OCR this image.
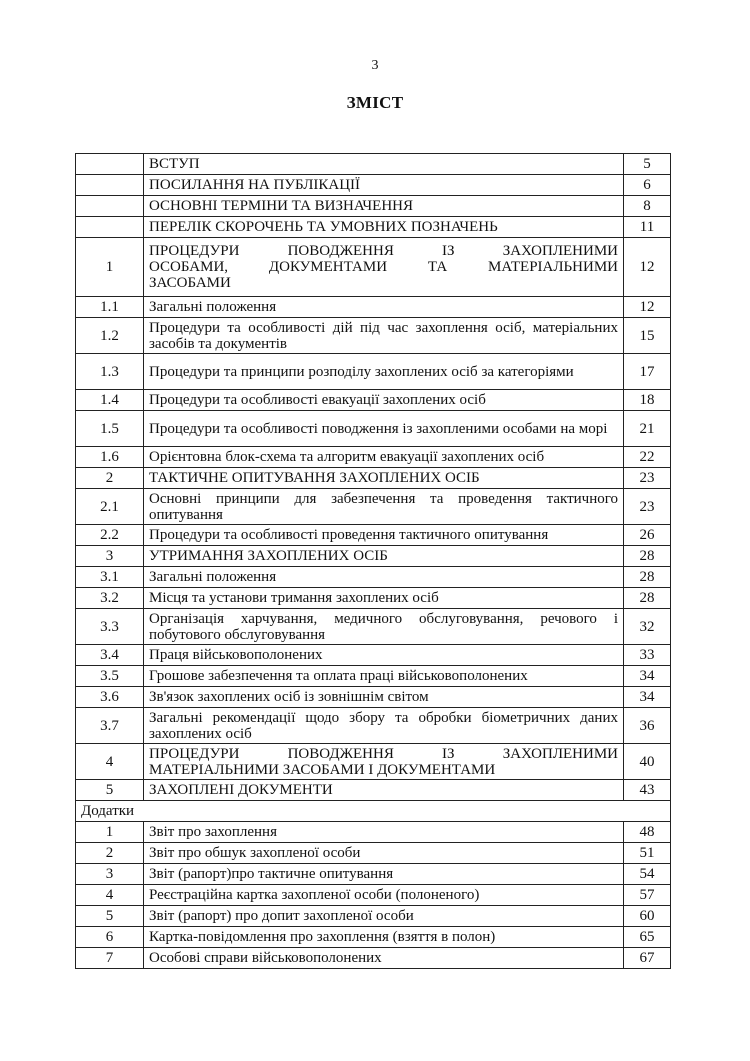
3
ЗМІСТ
	ВСТУП	5
	ПОСИЛАННЯ НА ПУБЛІКАЦІЇ	6
	ОСНОВНІ ТЕРМІНИ ТА ВИЗНАЧЕННЯ	8
	ПЕРЕЛІК СКОРОЧЕНЬ ТА УМОВНИХ ПОЗНАЧЕНЬ	11
1	ПРОЦЕДУРИ ПОВОДЖЕННЯ ІЗ ЗАХОПЛЕНИМИ
ОСОБАМИ, ДОКУМЕНТАМИ ТА МАТЕРІАЛЬНИМИ
ЗАСОБАМИ	12
1.1	Загальні положення	12
1.2	Процедури та особливості дій під час захоплення осіб, матеріальних засобів та документів	15
1.3	Процедури та принципи розподілу захоплених осіб за категоріями	17
1.4	Процедури та особливості евакуації захоплених осіб	18
1.5	Процедури та особливості поводження із захопленими особами на морі	21
1.6	Орієнтовна блок-схема та алгоритм евакуації захоплених осіб	22
2	ТАКТИЧНЕ ОПИТУВАННЯ ЗАХОПЛЕНИХ ОСІБ	23
2.1	Основні принципи для забезпечення та проведення тактичного опитування	23
2.2	Процедури та особливості проведення тактичного опитування	26
3	УТРИМАННЯ ЗАХОПЛЕНИХ ОСІБ	28
3.1	Загальні положення	28
3.2	Місця та установи тримання захоплених осіб	28
3.3	Організація харчування, медичного обслуговування, речового і побутового обслуговування	32
3.4	Праця військовополонених	33
3.5	Грошове забезпечення та оплата праці військовополонених	34
3.6	Зв'язок захоплених осіб із зовнішнім світом	34
3.7	Загальні рекомендації щодо збору та обробки біометричних даних захоплених осіб	36
4	ПРОЦЕДУРИ ПОВОДЖЕННЯ ІЗ ЗАХОПЛЕНИМИ
МАТЕРІАЛЬНИМИ ЗАСОБАМИ І ДОКУМЕНТАМИ	40
5	ЗАХОПЛЕНІ ДОКУМЕНТИ	43
Додатки		
1	Звіт про захоплення	48
2	Звіт про обшук захопленої особи	51
3	Звіт (рапорт)про тактичне опитування	54
4	Реєстраційна картка захопленої особи (полоненого)	57
5	Звіт (рапорт) про допит захопленої особи	60
6	Картка-повідомлення про захоплення (взяття в полон)	65
7	Особові справи військовополонених	67
